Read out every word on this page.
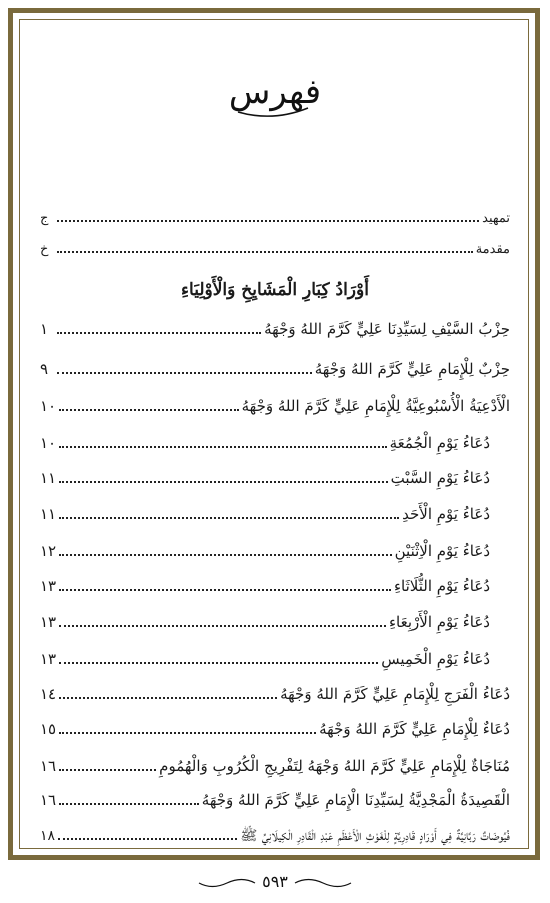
فهرس
تمهيد
ج
مقدمة
خ
أَوْرَادُ كِبَارِ الْمَشَايِخِ وَالْأَوْلِيَاءِ
حِزْبُ السَّيْفِ لِسَيِّدِنَا عَلِيٍّ كَرَّمَ اللهُ وَجْهَهُ
١
حِزْبٌ لِلْإِمَامِ عَلِيٍّ كَرَّمَ اللهُ وَجْهَهُ
٩
الْأَدْعِيَةُ الْأُسْبُوعِيَّةُ لِلْإِمَامِ عَلِيٍّ كَرَّمَ اللهُ وَجْهَهُ
١٠
دُعَاءُ يَوْمِ الْجُمُعَةِ
١٠
دُعَاءُ يَوْمِ السَّبْتِ
١١
دُعَاءُ يَوْمِ الْأَحَدِ
١١
دُعَاءُ يَوْمِ الْاِثْنَيْنِ
١٢
دُعَاءُ يَوْمِ الثُّلَاثَاءِ
١٣
دُعَاءُ يَوْمِ الْأَرْبِعَاءِ
١٣
دُعَاءُ يَوْمِ الْخَمِيسِ
١٣
دُعَاءُ الْفَرَجِ لِلْإِمَامِ عَلِيٍّ كَرَّمَ اللهُ وَجْهَهُ
١٤
دُعَاءٌ لِلْإِمَامِ عَلِيٍّ كَرَّمَ اللهُ وَجْهَهُ
١٥
مُنَاجَاةٌ لِلْإِمَامِ عَلِيٍّ كَرَّمَ اللهُ وَجْهَهُ لِتَفْرِيجِ الْكُرُوبِ وَالْهُمُومِ
١٦
الْقَصِيدَةُ الْمَجْدِيَّةُ لِسَيِّدِنَا الْإِمَامِ عَلِيٍّ كَرَّمَ اللهُ وَجْهَهُ
١٦
فُيُوضَاتٌ رَبَّانِيَّةٌ فِي أَوْرَادٍ قَادِرِيَّةٍ لِلْغَوْثِ الْأَعْظَمِ عَبْدِ الْقَادِرِ الْكِيلَانِيِّ ﷺ
١٨
٥٩٣
